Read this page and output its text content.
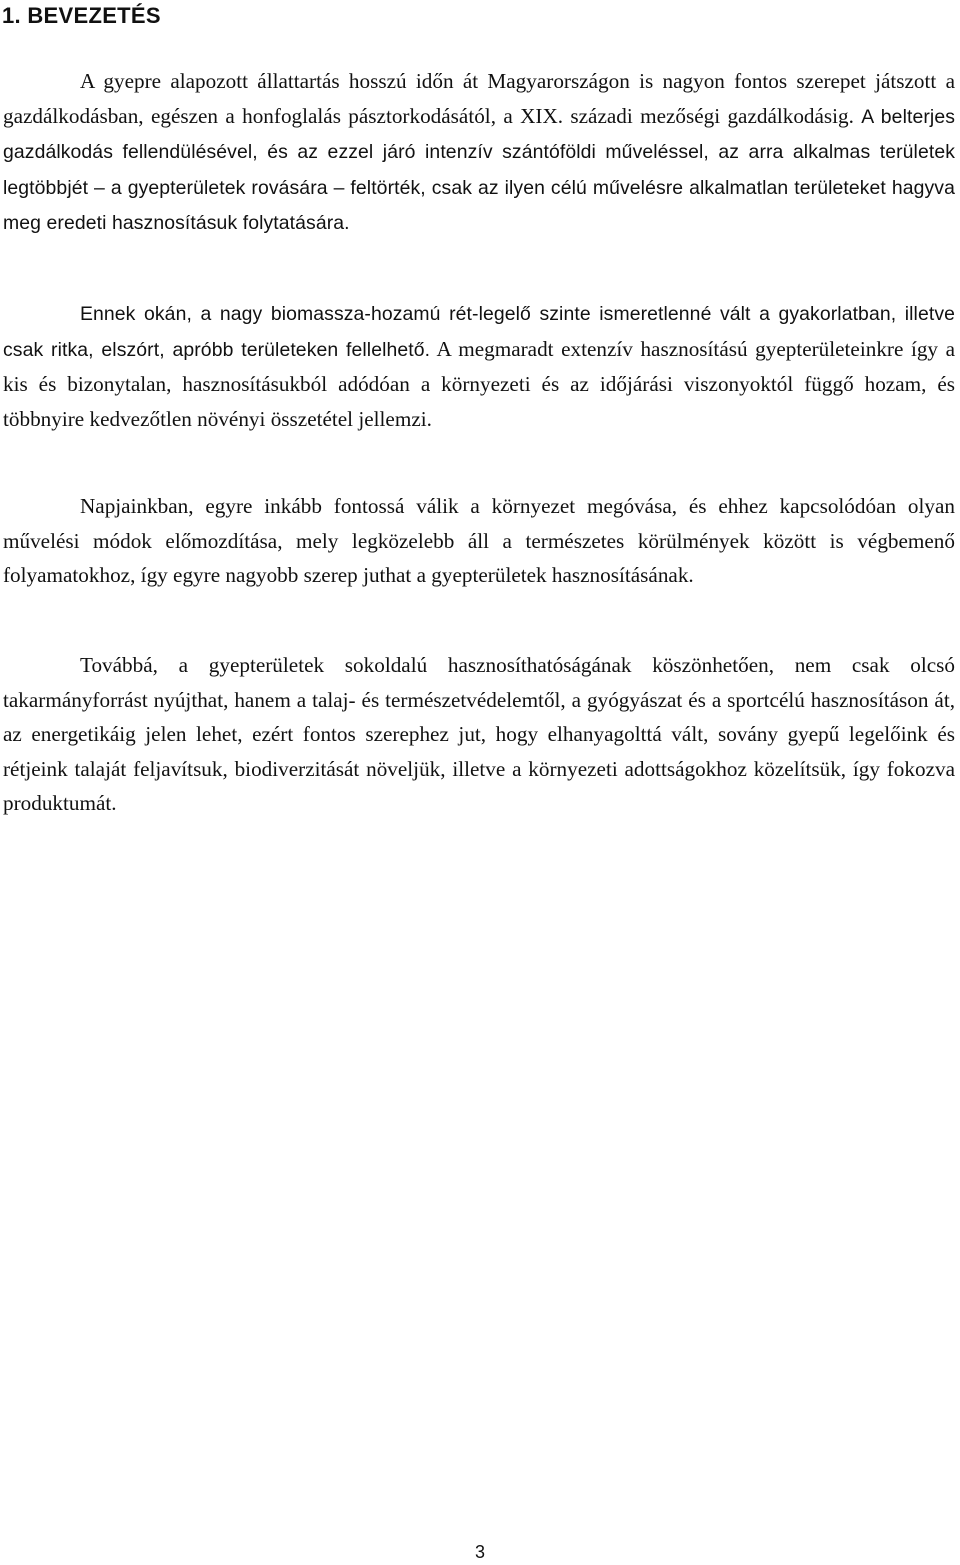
1. BEVEZETÉS

A gyepre alapozott állattartás hosszú időn át Magyarországon is nagyon fontos szerepet játszott a gazdálkodásban, egészen a honfoglalás pásztorkodásától, a XIX. századi mezőségi gazdálkodásig. A belterjes gazdálkodás fellendülésével, és az ezzel járó intenzív szántóföldi műveléssel, az arra alkalmas területek legtöbbjét – a gyepterületek rovására – feltörték, csak az ilyen célú művelésre alkalmatlan területeket hagyva meg eredeti hasznosításuk folytatására.

Ennek okán, a nagy biomassza-hozamú rét-legelő szinte ismeretlenné vált a gyakorlatban, illetve csak ritka, elszórt, apróbb területeken fellelhető. A megmaradt extenzív hasznosítású gyepterületeinkre így a kis és bizonytalan, hasznosításukból adódóan a környezeti és az időjárási viszonyoktól függő hozam, és többnyire kedvezőtlen növényi összetétel jellemzi.

Napjainkban, egyre inkább fontossá válik a környezet megóvása, és ehhez kapcsolódóan olyan művelési módok előmozdítása, mely legközelebb áll a természetes körülmények között is végbemenő folyamatokhoz, így egyre nagyobb szerep juthat a gyepterületek hasznosításának.

Továbbá, a gyepterületek sokoldalú hasznosíthatóságának köszönhetően, nem csak olcsó takarmányforrást nyújthat, hanem a talaj- és természetvédelemtől, a gyógyászat és a sportcélú hasznosításon át, az energetikáig jelen lehet, ezért fontos szerephez jut, hogy elhanyagolttá vált, sovány gyepű legelőink és rétjeink talaját feljavítsuk, biodiverzitását növeljük, illetve a környezeti adottságokhoz közelítsük, így fokozva produktumát.

3
